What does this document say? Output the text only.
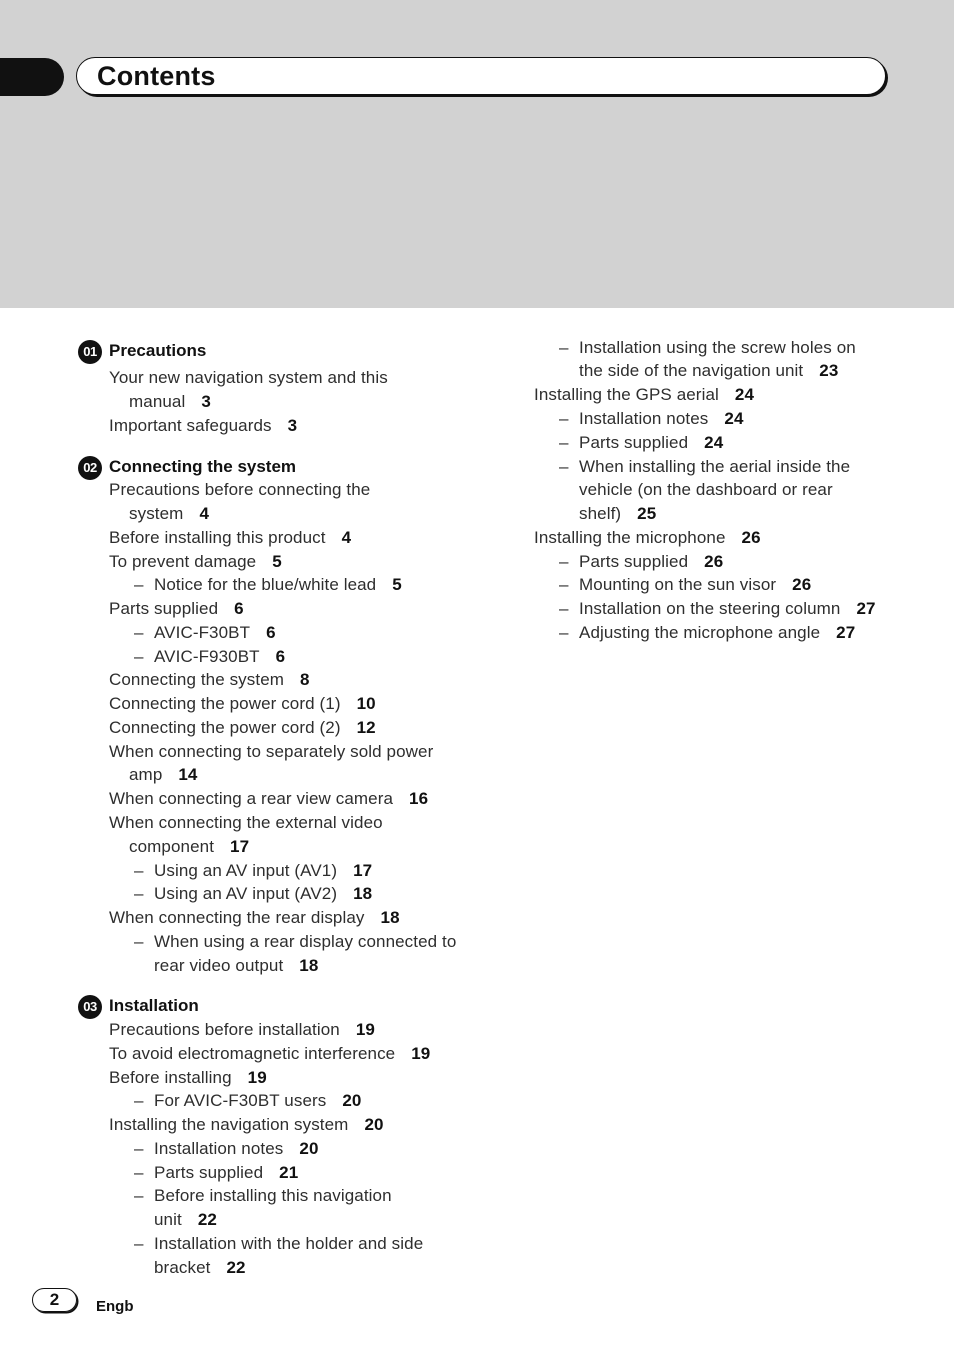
Contents
01 Precautions
02 Connecting the system
03 Installation
Your new navigation system and this
manual 3
Important safeguards 3
Precautions before connecting the
system 4
Before installing this product 4
To prevent damage 5
– Notice for the blue/white lead 5
Parts supplied 6
– AVIC-F30BT 6
– AVIC-F930BT 6
Connecting the system 8
Connecting the power cord (1) 10
Connecting the power cord (2) 12
When connecting to separately sold power
amp 14
When connecting a rear view camera 16
When connecting the external video
component 17
– Using an AV input (AV1) 17
– Using an AV input (AV2) 18
When connecting the rear display 18
– When using a rear display connected to
rear video output 18
Precautions before installation 19
To avoid electromagnetic interference 19
Before installing 19
– For AVIC-F30BT users 20
Installing the navigation system 20
– Installation notes 20
– Parts supplied 21
– Before installing this navigation
unit 22
– Installation with the holder and side
bracket 22
– Installation using the screw holes on
the side of the navigation unit 23
Installing the GPS aerial 24
– Installation notes 24
– Parts supplied 24
– When installing the aerial inside the
vehicle (on the dashboard or rear
shelf) 25
Installing the microphone 26
– Parts supplied 26
– Mounting on the sun visor 26
– Installation on the steering column 27
– Adjusting the microphone angle 27
2	Engb
